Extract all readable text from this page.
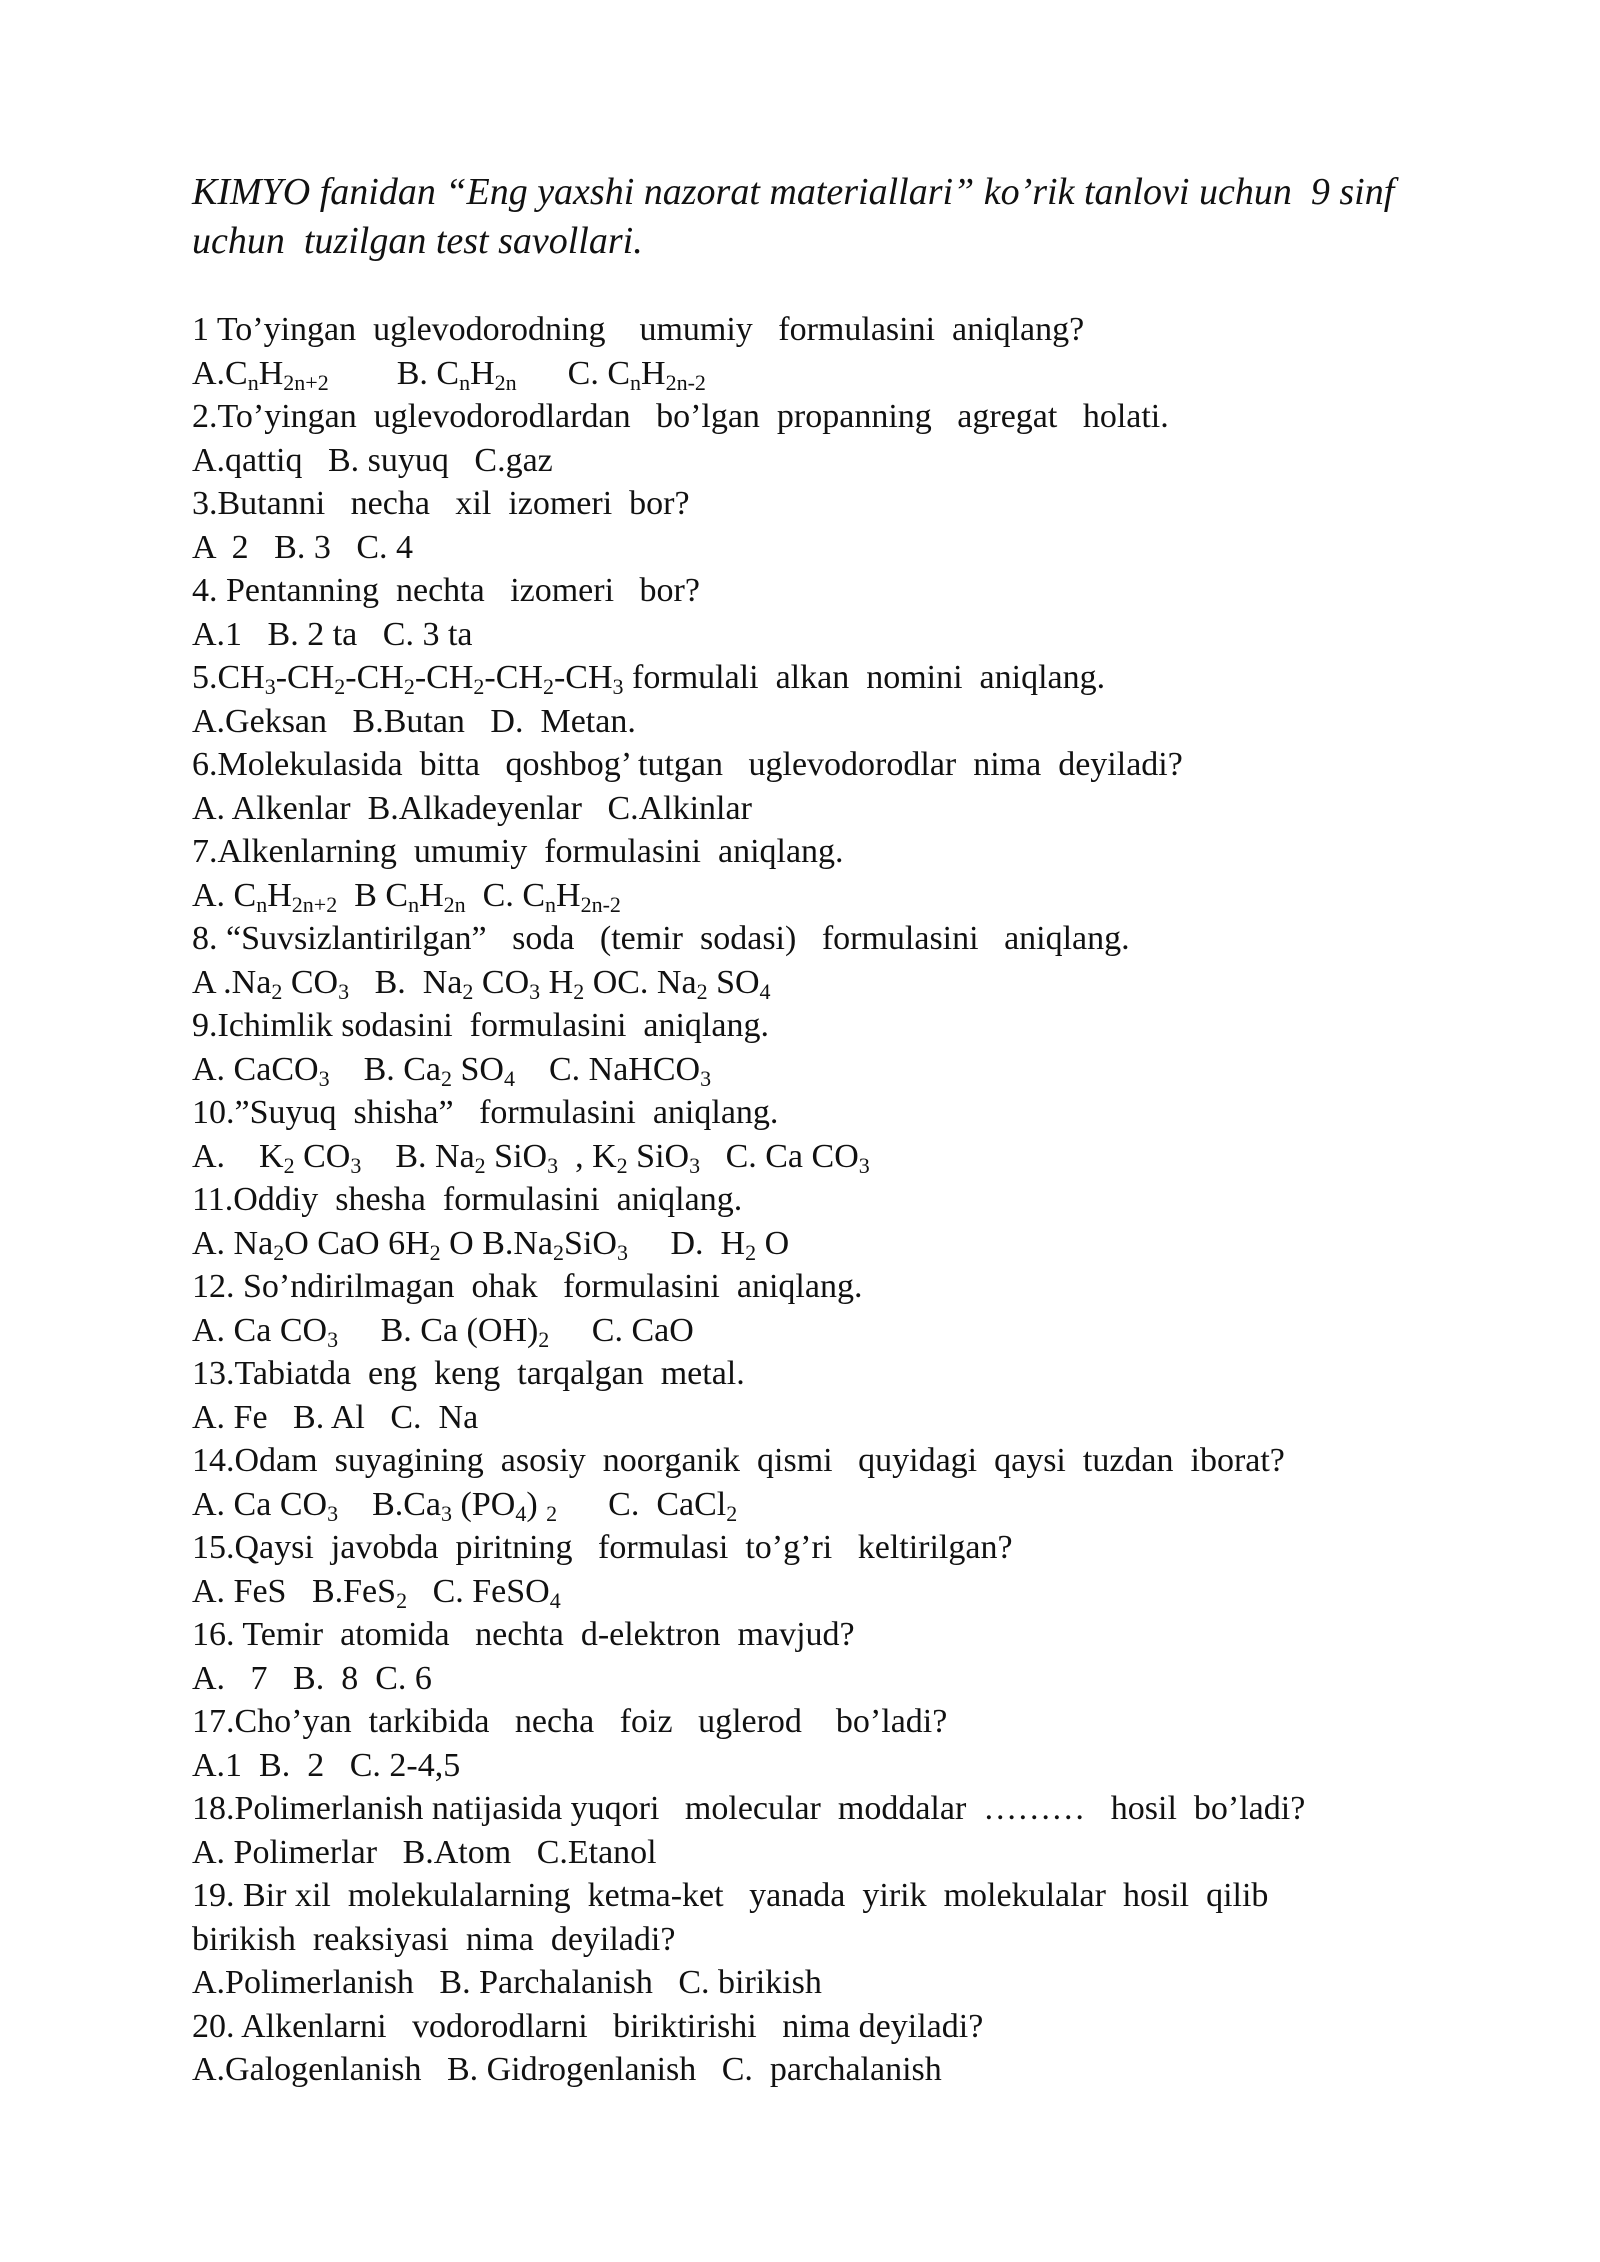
KIMYO fanidan “Eng yaxshi nazorat materiallari” ko’rik tanlovi uchun  9 sinf uchun  tuzilgan test savollari.
1 To’yingan  uglevodorodning    umumiy   formulasini  aniqlang?
$A.C_nH_{2n+2}$        B. $C_nH_{2n}$      C. $C_nH_{2n-2}$
2.To’yingan  uglevodorodlardan   bo’lgan  propanning   agregat   holati.
A.qattiq   B. suyuq   C.gaz
3.Butanni   necha   xil  izomeri  bor?
A  2   B. 3   C. 4
4. Pentanning  nechta   izomeri   bor?
A.1   B. 2 ta   C. 3 ta
$5.CH_3-CH_2-CH_2-CH_2-CH_2-CH_3$ formulali  alkan  nomini  aniqlang.
A.Geksan   B.Butan   D.  Metan.
6.Molekulasida  bitta   qoshbog’ tutgan   uglevodorodlar  nima  deyiladi?
A. Alkenlar  B.Alkadeyenlar   C.Alkinlar
7.Alkenlarning  umumiy  formulasini  aniqlang.
A. $C_nH_{2n+2}$  B $C_nH_{2n}$  C. $C_nH_{2n-2}$
8. “Suvsizlantirilgan”   soda   (temir  sodasi)   formulasini   aniqlang.
A $.Na_2$ $CO_3$   B.  $Na_2$ $CO_3$ $H_2$ OC. $Na_2$ $SO_4$
9.Ichimlik sodasini  formulasini  aniqlang.
A. CaCO$_3$    B. $Ca_2$ $SO_4$    C. NaHCO$_3$
10.”Suyuq  shisha”   formulasini  aniqlang.
A.    $K_2$ $CO_3$    B. $Na_2$ SiO$_3$  , $K_2$ SiO$_3$   C. Ca $CO_3$
11.Oddiy  shesha  formulasini  aniqlang.
A. $Na_2O$ CaO $6H_2$ O $B.Na_2SiO_3$     D.  $H_2$ O
12. So’ndirilmagan  ohak   formulasini  aniqlang.
A. Ca $CO_3$     B. Ca $(OH)_2$     C. CaO
13.Tabiatda  eng  keng  tarqalgan  metal.
A. Fe   B. Al   C.  Na
14.Odam  suyagining  asosiy  noorganik  qismi   quyidagi  qaysi  tuzdan  iborat?
A. Ca $CO_3$    $B.Ca_3$ $(PO_4)$ $_2$      C.  CaCl$_2$
15.Qaysi  javobda  piritning   formulasi  to’g’ri   keltirilgan?
A. FeS   B.FeS$_2$   C. FeSO$_4$
16. Temir  atomida   nechta  d-elektron  mavjud?
A.   7   B.  8  C. 6
17.Cho’yan  tarkibida   necha   foiz   uglerod    bo’ladi?
A.1  B.  2   C. 2-4,5
18.Polimerlanish natijasida yuqori   molecular  moddalar  ………   hosil  bo’ladi?
A. Polimerlar   B.Atom   C.Etanol
19. Bir xil  molekulalarning  ketma-ket   yanada  yirik  molekulalar  hosil  qilib
birikish  reaksiyasi  nima  deyiladi?
A.Polimerlanish   B. Parchalanish   C. birikish
20. Alkenlarni   vodorodlarni   biriktirishi   nima deyiladi?
A.Galogenlanish   B. Gidrogenlanish   C.  parchalanish
